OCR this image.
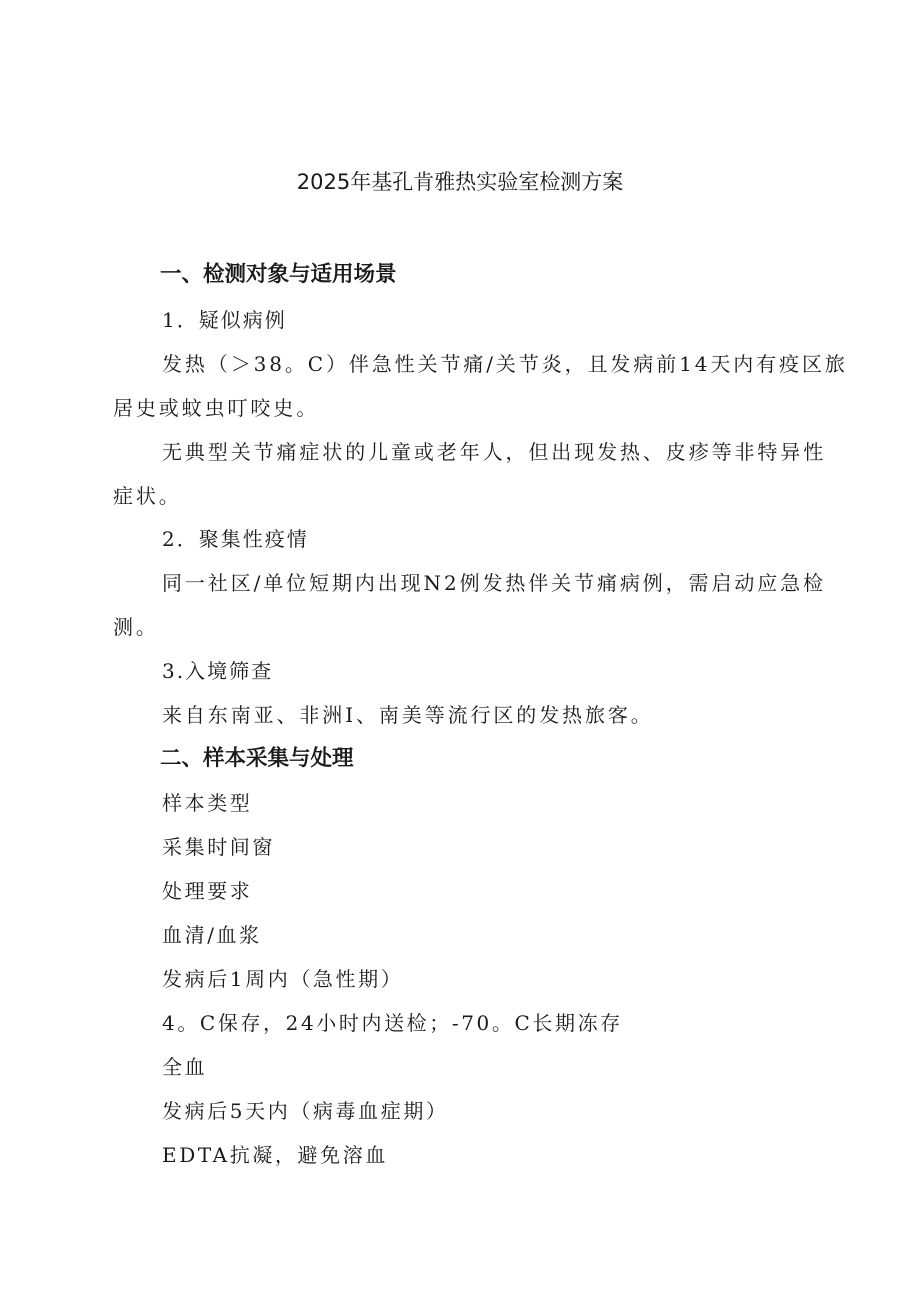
2025年基孔肯雅热实验室检测方案
一、检测对象与适用场景
1．疑似病例
发热（＞38。C）伴急性关节痛/关节炎，且发病前14天内有疫区旅
居史或蚊虫叮咬史。
无典型关节痛症状的儿童或老年人，但出现发热、皮疹等非特异性
症状。
2．聚集性疫情
同一社区/单位短期内出现N2例发热伴关节痛病例，需启动应急检
测。
3.入境筛查
来自东南亚、非洲I、南美等流行区的发热旅客。
二、样本采集与处理
样本类型
采集时间窗
处理要求
血清/血浆
发病后1周内（急性期）
4。C保存，24小时内送检；-70。C长期冻存
全血
发病后5天内（病毒血症期）
EDTA抗凝，避免溶血
